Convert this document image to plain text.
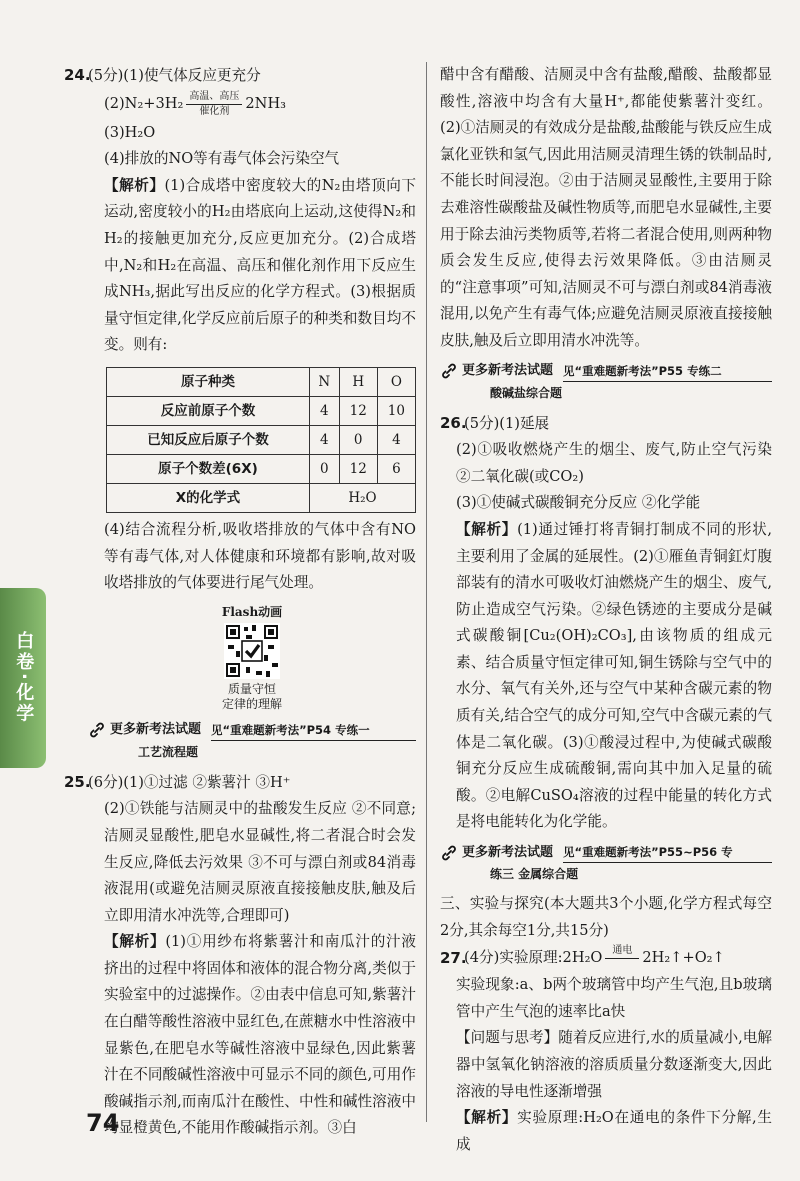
24.(5分)(1)使气体反应更充分

(2)N₂+3H₂ 高温、高压
催化剂 2NH₃

(3)H₂O

(4)排放的NO等有毒气体会污染空气

【解析】(1)合成塔中密度较大的N₂由塔顶向下运动,密度较小的H₂由塔底向上运动,这使得N₂和H₂的接触更加充分,反应更加充分。(2)合成塔中,N₂和H₂在高温、高压和催化剂作用下反应生成NH₃,据此写出反应的化学方程式。(3)根据质量守恒定律,化学反应前后原子的种类和数目均不变。则有:

原子种类	N	H	O
反应前原子个数	4	12	10
已知反应后原子个数	4	0	4
原子个数差(6X)	0	12	6
X的化学式	H₂O		

(4)结合流程分析,吸收塔排放的气体中含有NO等有毒气体,对人体健康和环境都有影响,故对吸收塔排放的气体要进行尾气处理。

Flash动画
质量守恒
定律的理解
更多新考法试题 见“重难题新考法”P54 专练一
工艺流程题

25.(6分)(1)①过滤 ②紫薯汁 ③H⁺

(2)①铁能与洁厕灵中的盐酸发生反应 ②不同意;洁厕灵显酸性,肥皂水显碱性,将二者混合时会发生反应,降低去污效果 ③不可与漂白剂或84消毒液混用(或避免洁厕灵原液直接接触皮肤,触及后立即用清水冲洗等,合理即可)

【解析】(1)①用纱布将紫薯汁和南瓜汁的汁液挤出的过程中将固体和液体的混合物分离,类似于实验室中的过滤操作。②由表中信息可知,紫薯汁在白醋等酸性溶液中显红色,在蔗糖水中性溶液中显紫色,在肥皂水等碱性溶液中显绿色,因此紫薯汁在不同酸碱性溶液中可显示不同的颜色,可用作酸碱指示剂,而南瓜汁在酸性、中性和碱性溶液中均显橙黄色,不能用作酸碱指示剂。③白

醋中含有醋酸、洁厕灵中含有盐酸,醋酸、盐酸都显酸性,溶液中均含有大量H⁺,都能使紫薯汁变红。(2)①洁厕灵的有效成分是盐酸,盐酸能与铁反应生成氯化亚铁和氢气,因此用洁厕灵清理生锈的铁制品时,不能长时间浸泡。②由于洁厕灵显酸性,主要用于除去难溶性碳酸盐及碱性物质等,而肥皂水显碱性,主要用于除去油污类物质等,若将二者混合使用,则两种物质会发生反应,使得去污效果降低。③由洁厕灵的“注意事项”可知,洁厕灵不可与漂白剂或84消毒液混用,以免产生有毒气体;应避免洁厕灵原液直接接触皮肤,触及后立即用清水冲洗等。

更多新考法试题 见“重难题新考法”P55 专练二
酸碱盐综合题

26.(5分)(1)延展

(2)①吸收燃烧产生的烟尘、废气,防止空气污染 ②二氧化碳(或CO₂)

(3)①使碱式碳酸铜充分反应 ②化学能

【解析】(1)通过锤打将青铜打制成不同的形状,主要利用了金属的延展性。(2)①雁鱼青铜釭灯腹部装有的清水可吸收灯油燃烧产生的烟尘、废气,防止造成空气污染。②绿色锈迹的主要成分是碱式碳酸铜[Cu₂(OH)₂CO₃],由该物质的组成元素、结合质量守恒定律可知,铜生锈除与空气中的水分、氧气有关外,还与空气中某种含碳元素的物质有关,结合空气的成分可知,空气中含碳元素的气体是二氧化碳。(3)①酸浸过程中,为使碱式碳酸铜充分反应生成硫酸铜,需向其中加入足量的硫酸。②电解CuSO₄溶液的过程中能量的转化方式是将电能转化为化学能。

更多新考法试题 见“重难题新考法”P55~P56 专
练三 金属综合题

三、实验与探究(本大题共3个小题,化学方程式每空2分,其余每空1分,共15分)

27.
(4分)实验原理:2H₂O 通电
2H₂↑+O₂↑

实验现象:a、b两个玻璃管中均产生气泡,且b玻璃管中产生气泡的速率比a快

【问题与思考】随着反应进行,水的质量减小,电解器中氢氧化钠溶液的溶质质量分数逐渐变大,因此溶液的导电性逐渐增强

【解析】实验原理:H₂O在通电的条件下分解,生成

白卷·化学
74
